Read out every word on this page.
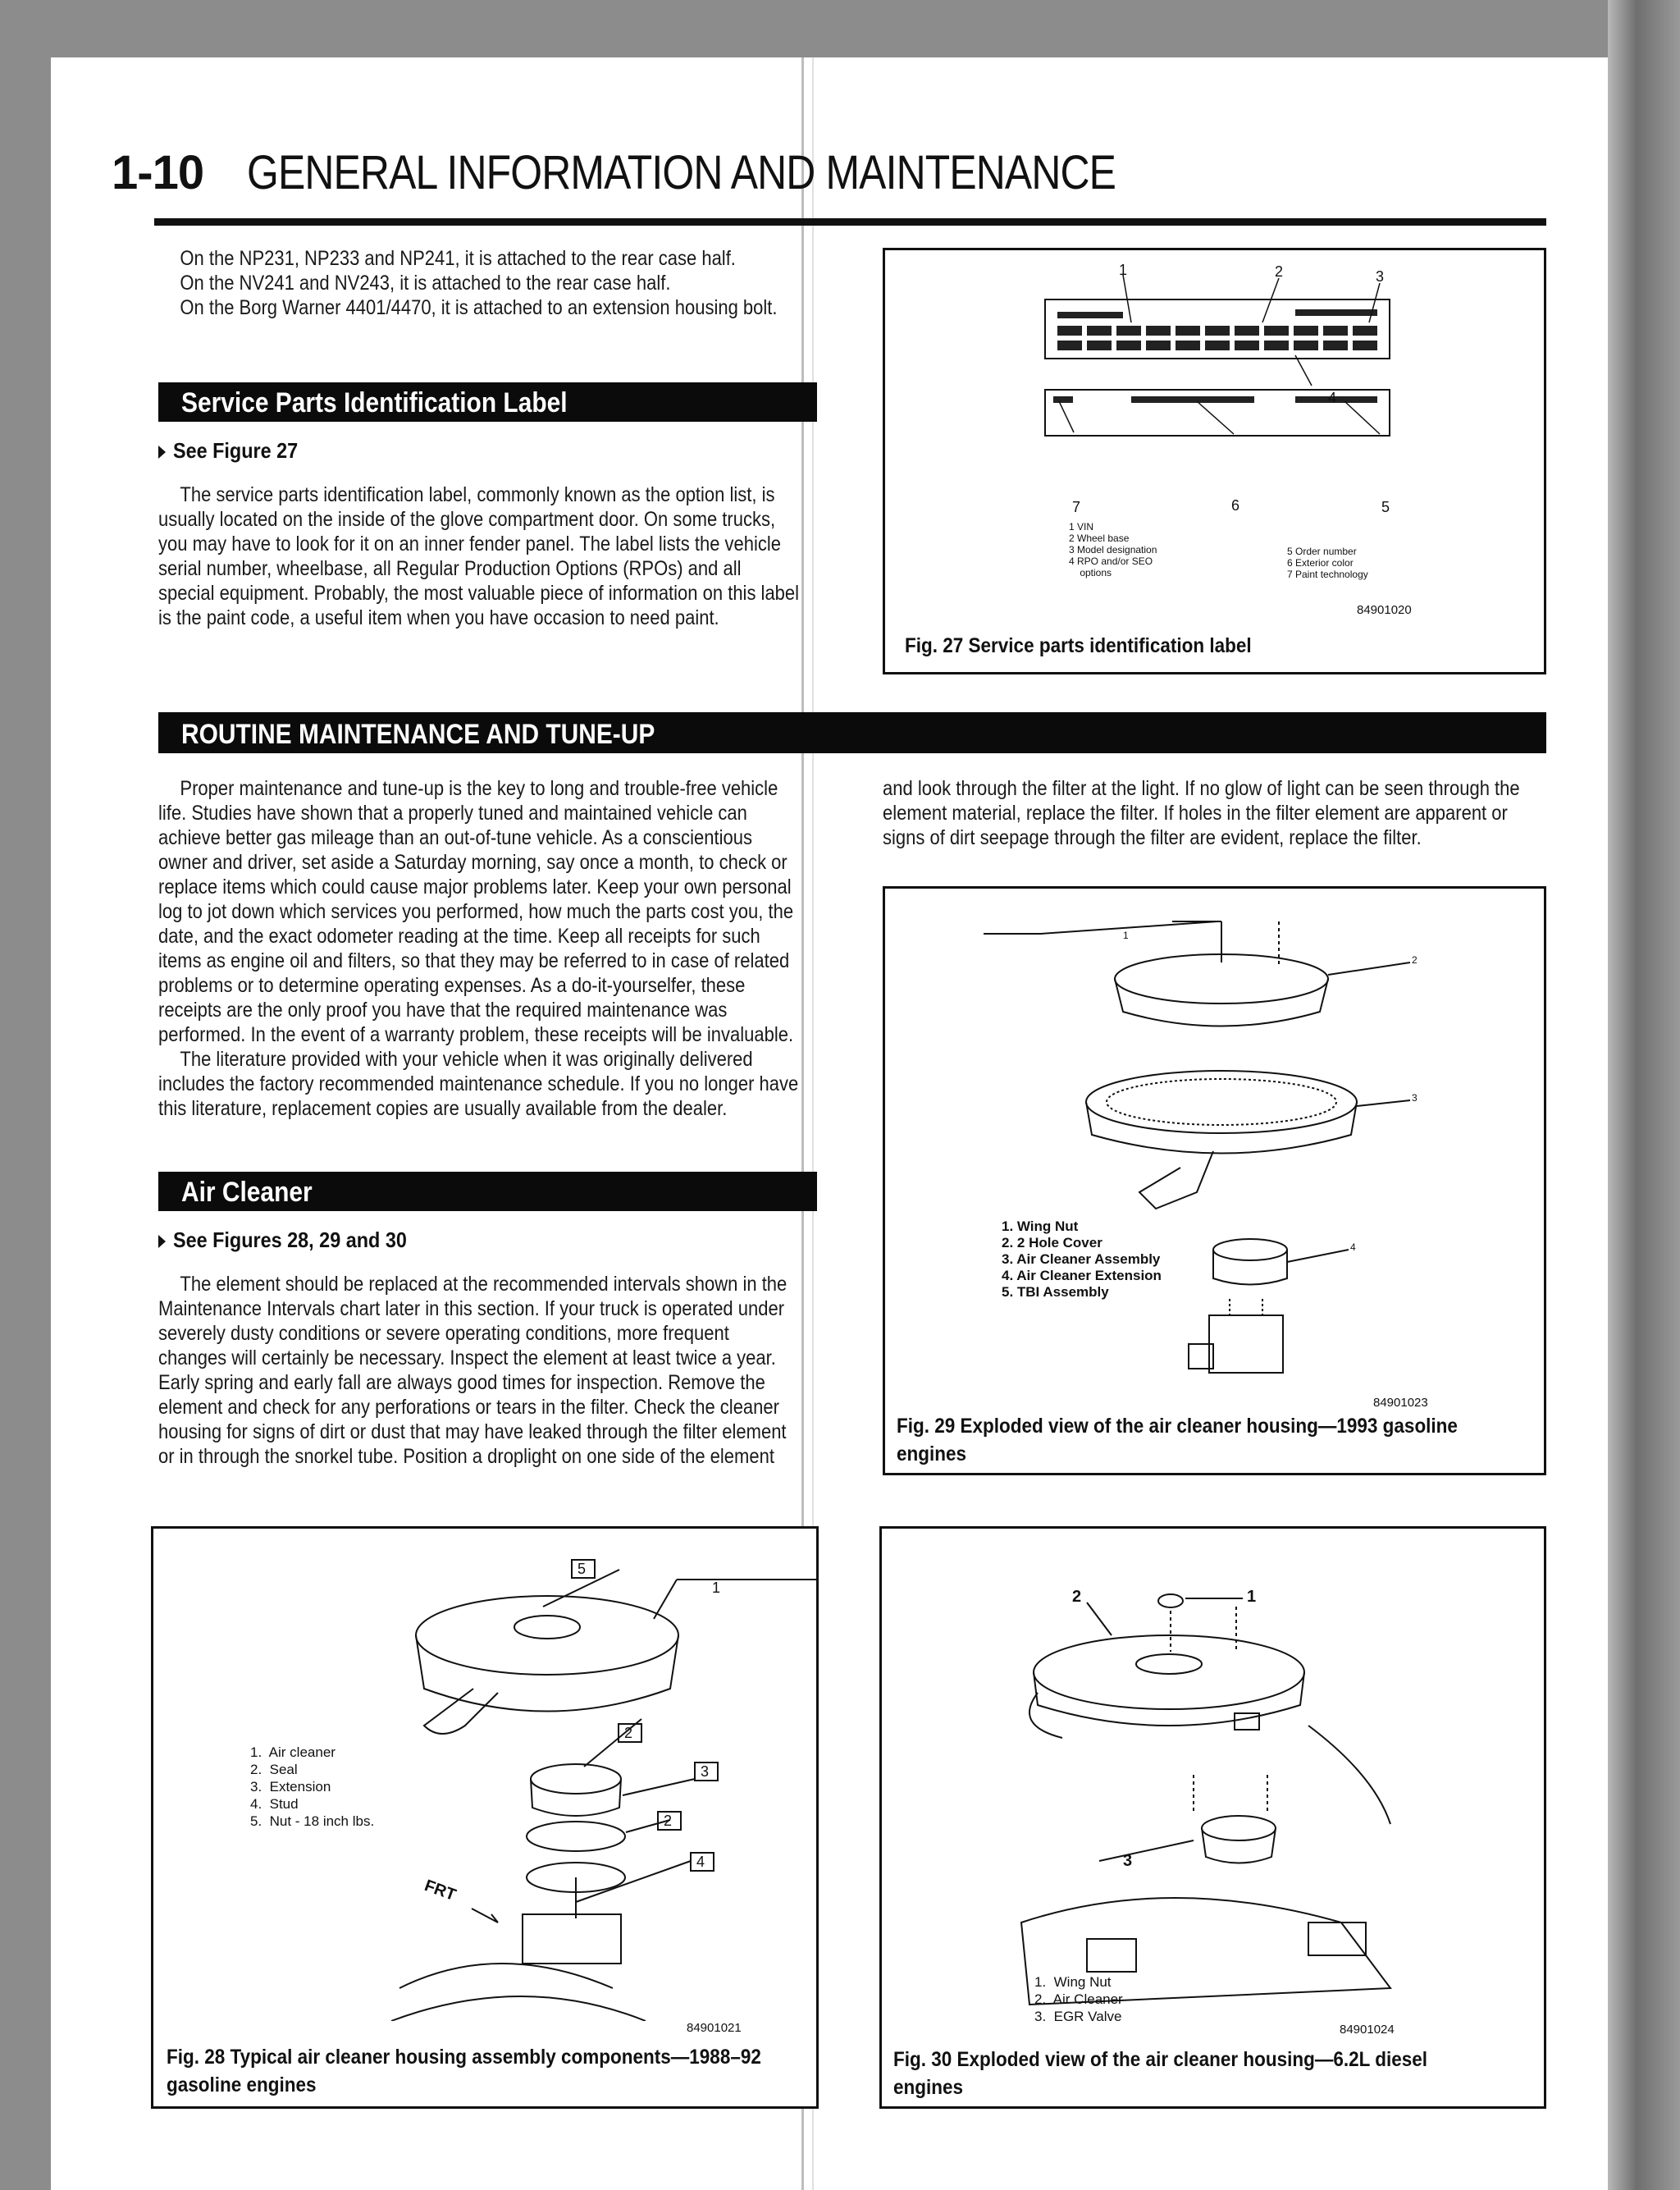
1-10 GENERAL INFORMATION AND MAINTENANCE

On the NP231, NP233 and NP241, it is attached to the rear case half.

On the NV241 and NV243, it is attached to the rear case half.

On the Borg Warner 4401/4470, it is attached to an extension housing bolt.

Service Parts Identification Label
See Figure 27

The service parts identification label, commonly known as the option list, is usually located on the inside of the glove compartment door. On some trucks, you may have to look for it on an inner fender panel. The label lists the vehicle serial number, wheelbase, all Regular Production Options (RPOs) and all special equipment. Probably, the most valuable piece of information on this label is the paint code, a useful item when you have occasion to need paint.

1	2	3
4
5
6
7
1 VIN
2 Wheel base
3 Model designation
4 RPO and/or SEO
options
5 Order number
6 Exterior color
7 Paint technology
84901020
Fig. 27 Service parts identification label
ROUTINE MAINTENANCE AND TUNE-UP

Proper maintenance and tune-up is the key to long and trouble-free vehicle life. Studies have shown that a properly tuned and maintained vehicle can achieve better gas mileage than an out-of-tune vehicle. As a conscientious owner and driver, set aside a Saturday morning, say once a month, to check or replace items which could cause major problems later. Keep your own personal log to jot down which services you performed, how much the parts cost you, the date, and the exact odometer reading at the time. Keep all receipts for such items as engine oil and filters, so that they may be referred to in case of related problems or to determine operating expenses. As a do-it-yourselfer, these receipts are the only proof you have that the required maintenance was performed. In the event of a warranty problem, these receipts will be invaluable.

The literature provided with your vehicle when it was originally delivered includes the factory recommended maintenance schedule. If you no longer have this literature, replacement copies are usually available from the dealer.

Air Cleaner
See Figures 28, 29 and 30

The element should be replaced at the recommended intervals shown in the Maintenance Intervals chart later in this section. If your truck is operated under severely dusty conditions or severe operating conditions, more frequent changes will certainly be necessary. Inspect the element at least twice a year. Early spring and early fall are always good times for inspection. Remove the element and check for any perforations or tears in the filter. Check the cleaner housing for signs of dirt or dust that may have leaked through the filter element or in through the snorkel tube. Position a droplight on one side of the element

and look through the filter at the light. If no glow of light can be seen through the element material, replace the filter. If holes in the filter element are apparent or signs of dirt seepage through the filter are evident, replace the filter.

1
2
3
4
1. Wing Nut
2. 2 Hole Cover
3. Air Cleaner Assembly
4. Air Cleaner Extension
5. TBI Assembly
84901023
Fig. 29 Exploded view of the air cleaner housing—1993 gasoline engines
5
1
2
3
2
4
FRT
1.  Air cleaner
2.  Seal
3.  Extension
4.  Stud
5.  Nut - 18 inch lbs.
84901021
Fig. 28 Typical air cleaner housing assembly components—1988–92 gasoline engines
1
2
3
1.  Wing Nut
2.  Air Cleaner
3.  EGR Valve
84901024
Fig. 30 Exploded view of the air cleaner housing—6.2L diesel engines
